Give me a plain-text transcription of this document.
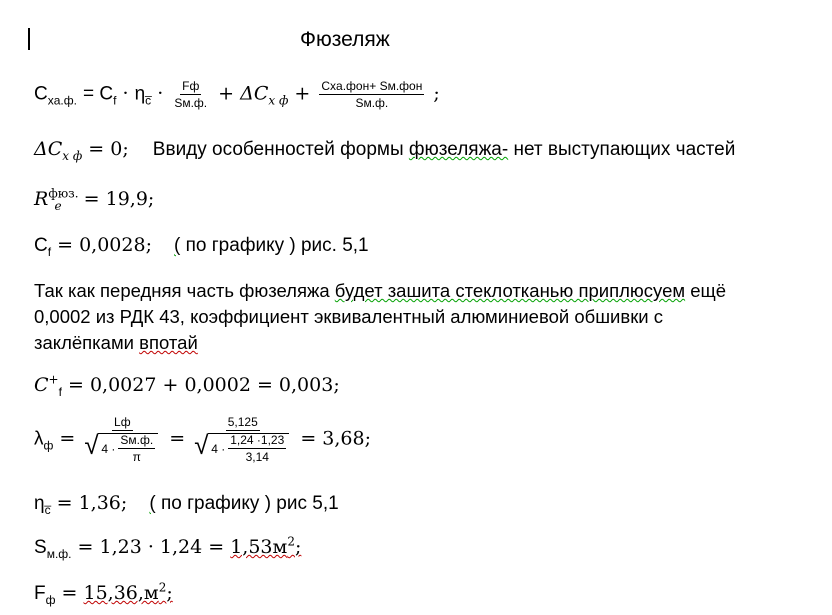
Фюзеляж
$C_{xа.ф.} = C_f \cdot \eta_{c̅} \cdot \frac{Fф}{Sм.ф.} + \Delta C_{x ф} + \frac{\text{Cxа.фон+ Sм.фон}}{Sм.ф.}$ ;
$\Delta C_{x ф} = 0$; Ввиду особенностей формы фюзеляжа- нет выступающих частей
$R^{фюз.}_e = 19,9$;
$C_f = 0,0028$; ( по графику ) рис. 5,1
Так как передняя часть фюзеляжа будет зашита стеклотканью приплюсуем ещё
0,0002 из РДК 43, коэффициент эквивалентный алюминиевой обшивки с
заклёпками впотай
$C^+_f = 0,0027 + 0,0002 = 0,003$;
$\lambda_ф$ = Lф
√ $4 \cdot \frac{Sм.ф.}{\pi} = 5,125$
√ $4 \cdot \frac{1,24 \cdot 1,23}{3,14} = 3,68$;
$\eta_{c̅} = 1,36$; ( по графику ) рис 5,1
$S_{м.ф.} = 1,23 \cdot 1,24 = 1,53м^2$;
$F_ф = 15,36,м^2$;
